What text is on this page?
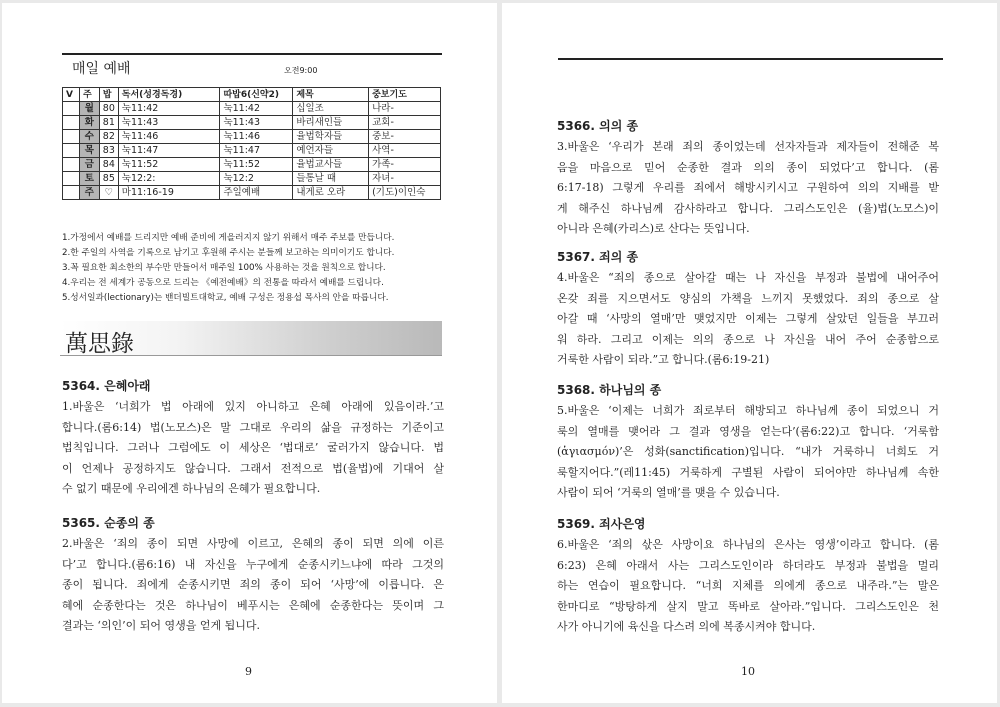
매일 예배	오전9:00
V	주	밥	독서(성경독경)	따밥6(신약2)	제목	중보기도
	월	80	눅11:42	눅11:42	십일조	나라-
	화	81	눅11:43	눅11:43	바리새인들	교회-
	수	82	눅11:46	눅11:46	율법학자들	중보-
	목	83	눅11:47	눅11:47	예언자들	사역-
	금	84	눅11:52	눅11:52	율법교사들	가족-
	토	85	눅12:2:	눅12:2	들통날 때	자녀-
	주	♡	마11:16-19	주일예배	내게로 오라	(기도)이인숙
1.가정에서 예배를 드리지만 예배 준비에 게을러지지 않기 위해서 매주 주보를 만듭니다.
2.한 주일의 사역을 기록으로 남기고 후원해 주시는 분들께 보고하는 의미이기도 합니다.
3.꼭 필요한 최소한의 부수만 만들어서 매주일 100% 사용하는 것을 원칙으로 합니다.
4.우리는 전 세계가 공동으로 드리는 《예전예배》의 전통을 따라서 예배를 드립니다.
5.성서일과(lectionary)는 밴더빌트대학교, 예배 구성은 정용섭 목사의 안을 따릅니다.
萬思錄
5364. 은혜아래

1.바울은 ‘너희가 법 아래에 있지 아니하고 은혜 아래에 있음이라.’고

합니다.(롬6:14) 법(노모스)은 말 그대로 우리의 삶을 규정하는 기준이고

법칙입니다. 그러나 그럼에도 이 세상은 ‘법대로’ 굴러가지 않습니다. 법

이 언제나 공정하지도 않습니다. 그래서 전적으로 법(율법)에 기대어 살

수 없기 때문에 우리에겐 하나님의 은혜가 필요합니다.

5365. 순종의 종

2.바울은 ‘죄의 종이 되면 사망에 이르고, 은혜의 종이 되면 의에 이른

다’고 합니다.(롬6:16) 내 자신을 누구에게 순종시키느냐에 따라 그것의

종이 됩니다. 죄에게 순종시키면 죄의 종이 되어 ‘사망’에 이릅니다. 은

혜에 순종한다는 것은 하나님이 베푸시는 은혜에 순종한다는 뜻이며 그

결과는 ‘의인’이 되어 영생을 얻게 됩니다.

9
5366. 의의 종

3.바울은 ‘우리가 본래 죄의 종이었는데 선자자들과 제자들이 전해준 복

음을 마음으로 믿어 순종한 결과 의의 종이 되었다’고 합니다. (롬

6:17-18) 그렇게 우리를 죄에서 해방시키시고 구원하여 의의 지배를 받

게 해주신 하나님께 감사하라고 합니다. 그리스도인은 (율)법(노모스)이

아니라 은혜(카리스)로 산다는 뜻입니다.

5367. 죄의 종

4.바울은 “죄의 종으로 살아갈 때는 나 자신을 부정과 불법에 내어주어

온갖 죄를 지으면서도 양심의 가책을 느끼지 못했었다. 죄의 종으로 살

아갈 때 ‘사망의 열매’만 맺었지만 이제는 그렇게 살았던 일들을 부끄러

워 하라. 그리고 이제는 의의 종으로 나 자신을 내어 주어 순종함으로

거룩한 사람이 되라.”고 합니다.(롬6:19-21)

5368. 하나님의 종

5.바울은 ‘이제는 너희가 죄로부터 해방되고 하나님께 종이 되었으니 거

룩의 열매를 맺어라 그 결과 영생을 얻는다’(롬6:22)고 합니다. ‘거룩함

(ἁγιασμόν)’은 성화(sanctification)입니다. “내가 거룩하니 너희도 거

룩할지어다.”(레11:45) 거룩하게 구별된 사람이 되어야만 하나님께 속한

사람이 되어 ‘거룩의 열매’를 맺을 수 있습니다.

5369. 죄사은영

6.바울은 ‘죄의 삯은 사망이요 하나님의 은사는 영생’이라고 합니다. (롬

6:23) 은혜 아래서 사는 그리스도인이라 하더라도 부정과 불법을 멀리

하는 연습이 필요합니다. “너희 지체를 의에게 종으로 내주라.”는 말은

한마디로 “방탕하게 살지 말고 똑바로 살아라.”입니다. 그리스도인은 천

사가 아니기에 육신을 다스려 의에 복종시켜야 합니다.

10
